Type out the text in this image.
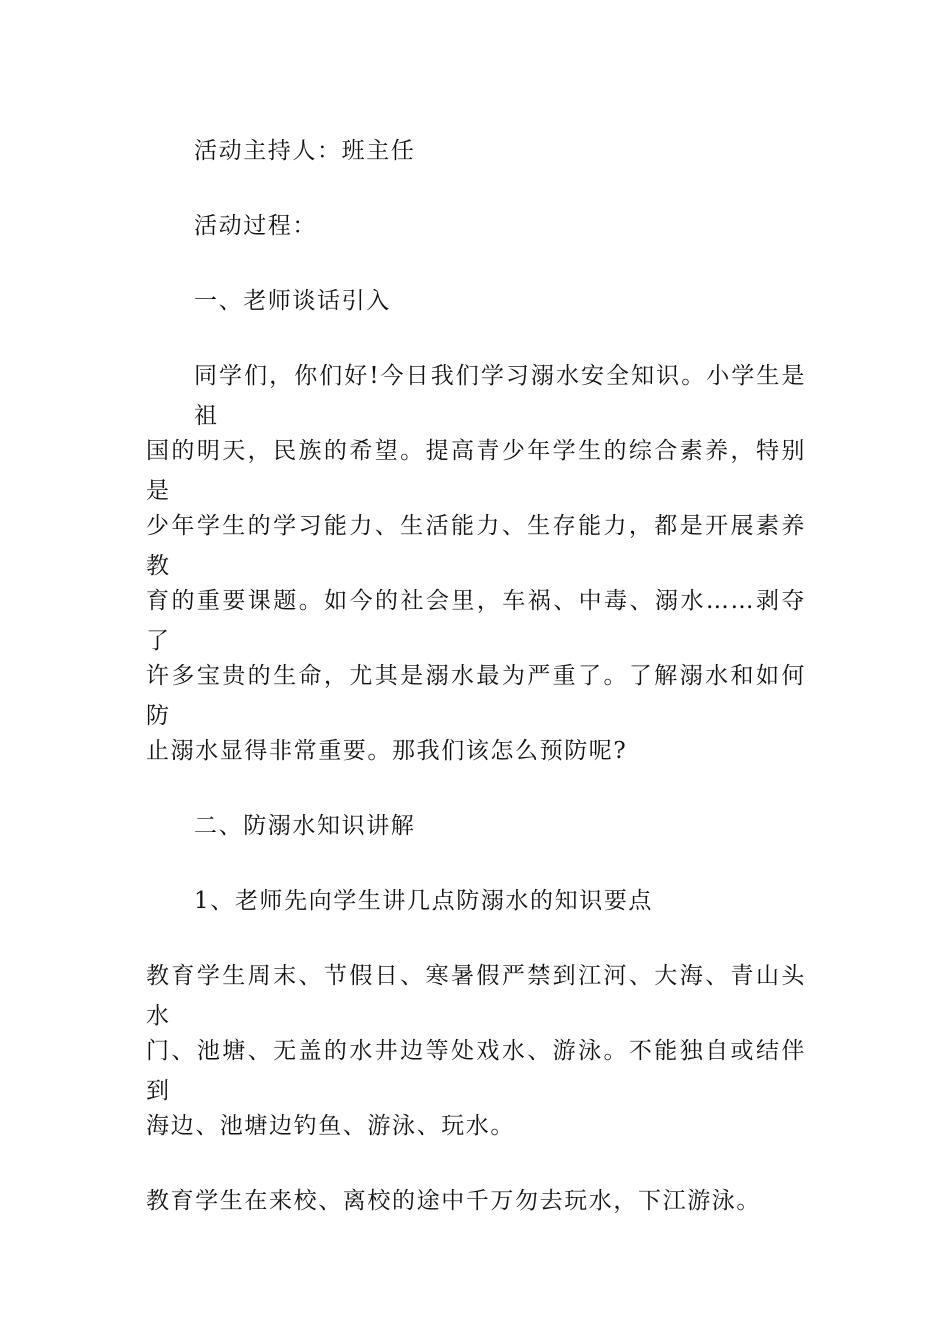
活动主持人：班主任
活动过程：
一、老师谈话引入
同学们，你们好!今日我们学习溺水安全知识。小学生是祖
国的明天，民族的希望。提高青少年学生的综合素养，特别是
少年学生的学习能力、生活能力、生存能力，都是开展素养教
育的重要课题。如今的社会里，车祸、中毒、溺水……剥夺了
许多宝贵的生命，尤其是溺水最为严重了。了解溺水和如何防
止溺水显得非常重要。那我们该怎么预防呢?
二、防溺水知识讲解
1、老师先向学生讲几点防溺水的知识要点
教育学生周末、节假日、寒暑假严禁到江河、大海、青山头水
门、池塘、无盖的水井边等处戏水、游泳。不能独自或结伴到
海边、池塘边钓鱼、游泳、玩水。
教育学生在来校、离校的途中千万勿去玩水，下江游泳。
